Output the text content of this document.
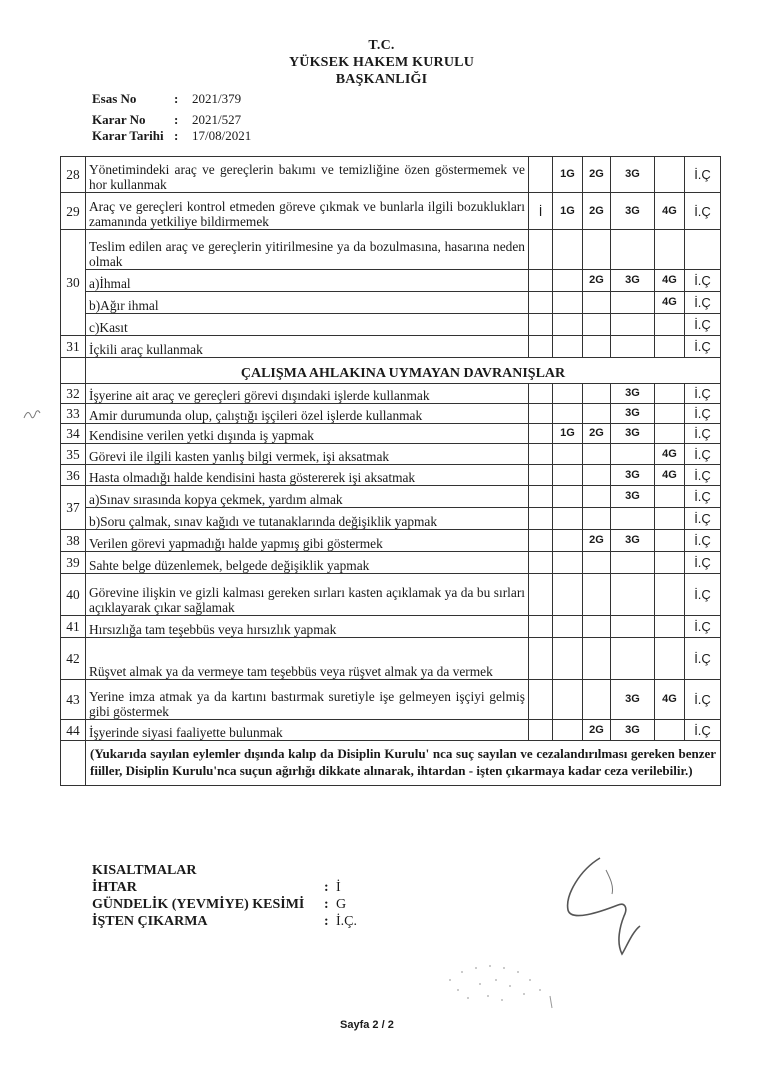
T.C.
YÜKSEK HAKEM KURULU
BAŞKANLIĞI
Esas No	:	2021/379
Karar No	:	2021/527
Karar Tarihi :	17/08/2021
28	Yönetimindeki araç ve gereçlerin bakımı ve temizliğine özen göstermemek ve hor kullanmak		1G	2G	3G		İ.Ç
29	Araç ve gereçleri kontrol etmeden göreve çıkmak ve bunlarla ilgili bozuklukları zamanında yetkiliye bildirmemek	İ	1G	2G	3G	4G	İ.Ç
30	Teslim edilen araç ve gereçlerin yitirilmesine ya da bozulmasına, hasarına neden olmak						
	a)İhmal			2G	3G	4G	İ.Ç
	b)Ağır ihmal					4G	İ.Ç
	c)Kasıt						İ.Ç
31	İçkili araç kullanmak						İ.Ç
	ÇALIŞMA AHLAKINA UYMAYAN DAVRANIŞLAR						
32	İşyerine ait araç ve gereçleri görevi dışındaki işlerde kullanmak				3G		İ.Ç
33	Amir durumunda olup, çalıştığı işçileri özel işlerde kullanmak				3G		İ.Ç
34	Kendisine verilen yetki dışında iş yapmak		1G	2G	3G		İ.Ç
35	Görevi ile ilgili kasten yanlış bilgi vermek, işi aksatmak					4G	İ.Ç
36	Hasta olmadığı halde kendisini hasta göstererek işi aksatmak				3G	4G	İ.Ç
37	a)Sınav sırasında kopya çekmek, yardım almak				3G		İ.Ç
	b)Soru çalmak, sınav kağıdı ve tutanaklarında değişiklik yapmak						İ.Ç
38	Verilen görevi yapmadığı halde yapmış gibi göstermek			2G	3G		İ.Ç
39	Sahte belge düzenlemek, belgede değişiklik yapmak						İ.Ç
40	Görevine ilişkin ve gizli kalması gereken sırları kasten açıklamak ya da bu sırları açıklayarak çıkar sağlamak						İ.Ç
41	Hırsızlığa tam teşebbüs veya hırsızlık yapmak						İ.Ç
42	Rüşvet almak ya da vermeye tam teşebbüs veya rüşvet almak ya da vermek						İ.Ç
43	Yerine imza atmak ya da kartını bastırmak suretiyle işe gelmeyen işçiyi gelmiş gibi göstermek				3G	4G	İ.Ç
44	İşyerinde siyasi faaliyette bulunmak			2G	3G		İ.Ç
	(Yukarıda sayılan eylemler dışında kalıp da Disiplin Kurulu' nca suç sayılan ve cezalandırılması gereken benzer fiiller, Disiplin Kurulu'nca suçun ağırlığı dikkate alınarak, ihtardan - işten çıkarmaya kadar ceza verilebilir.)						
KISALTMALAR
İHTAR	: İ
GÜNDELİK (YEVMİYE) KESİMİ	: G
İŞTEN ÇIKARMA	: İ.Ç.
Sayfa 2 / 2
